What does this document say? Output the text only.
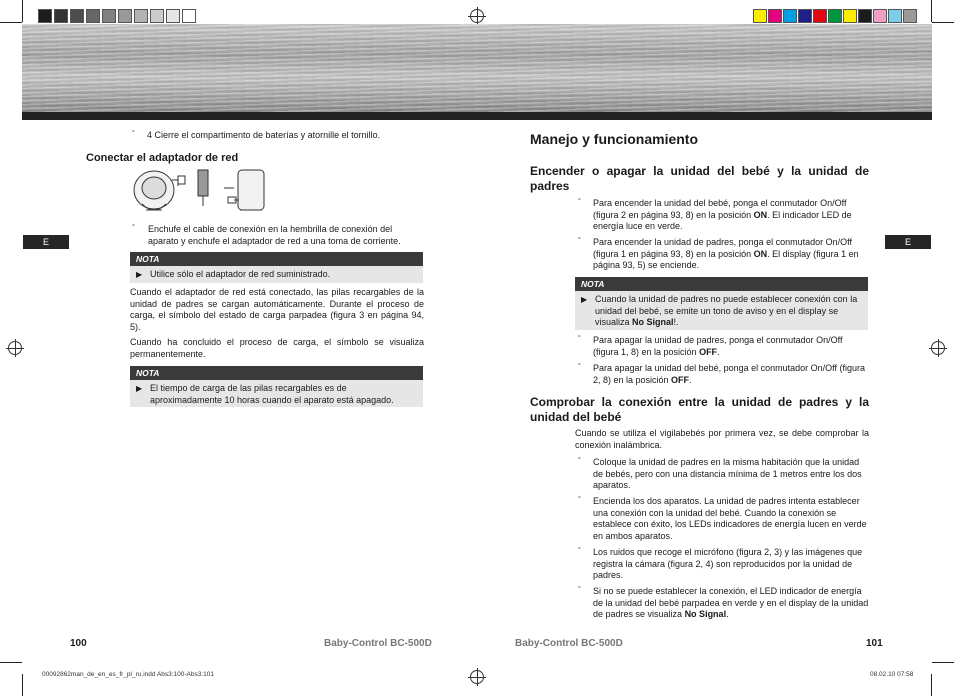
E	E
° 4 Cierre el compartimento de baterías y atornille el tornillo.
Conectar el adaptador de red
° Enchufe el cable de conexión en la hembrilla de conexión del aparato y enchufe el adaptador de red a una toma de corriente.
NOTA
▶ Utilice sólo el adaptador de red suministrado.
Cuando el adaptador de red está conectado, las pilas recargables de la unidad de padres se cargan automáticamente. Durante el proceso de carga, el símbolo del estado de carga parpadea (figura 3 en página 94, 5).
Cuando ha concluido el proceso de carga, el símbolo se visualiza permanentemente.
NOTA
▶ El tiempo de carga de las pilas recargables es de aproximadamente 10 horas cuando el aparato está apagado.
100	Baby-Control BC-500D
Manejo y funcionamiento
Encender o apagar la unidad del bebé y la unidad de padres
° Para encender la unidad del bebé, ponga el conmutador On/Off (figura 2 en página 93, 8) en la posición ON. El indicador LED de energía luce en verde.
° Para encender la unidad de padres, ponga el conmutador On/Off (figura 1 en página 93, 8) en la posición ON. El display (figura 1 en página 93, 5) se enciende.
NOTA
▶ Cuando la unidad de padres no puede establecer conexión con la unidad del bebé, se emite un tono de aviso y en el display se visualiza No Signal!.
° Para apagar la unidad de padres, ponga el conmutador On/Off (figura 1, 8) en la posición OFF.
° Para apagar la unidad del bebé, ponga el conmutador On/Off (figura 2, 8) en la posición OFF.
Comprobar la conexión entre la unidad de padres y la unidad del bebé
Cuando se utiliza el vigilabebés por primera vez, se debe comprobar la conexión inalámbrica.
° Coloque la unidad de padres en la misma habitación que la unidad de bebés, pero con una distancia mínima de 1 metros entre los dos aparatos.
° Encienda los dos aparatos. La unidad de padres intenta establecer una conexión con la unidad del bebé. Cuando la conexión se establece con éxito, los LEDs indicadores de energía lucen en verde en ambos aparatos.
° Los ruidos que recoge el micrófono (figura 2, 3) y las imágenes que registra la cámara (figura 2, 4) son reproducidos por la unidad de padres.
° Si no se puede establecer la conexión, el LED indicador de energía de la unidad del bebé parpadea en verde y en el display de la unidad de padres se visualiza No Signal.
Baby-Control BC-500D	101
00092862man_de_en_es_fr_pl_ru.indd Abs3:100-Abs3:101	08.02.10 07:58
